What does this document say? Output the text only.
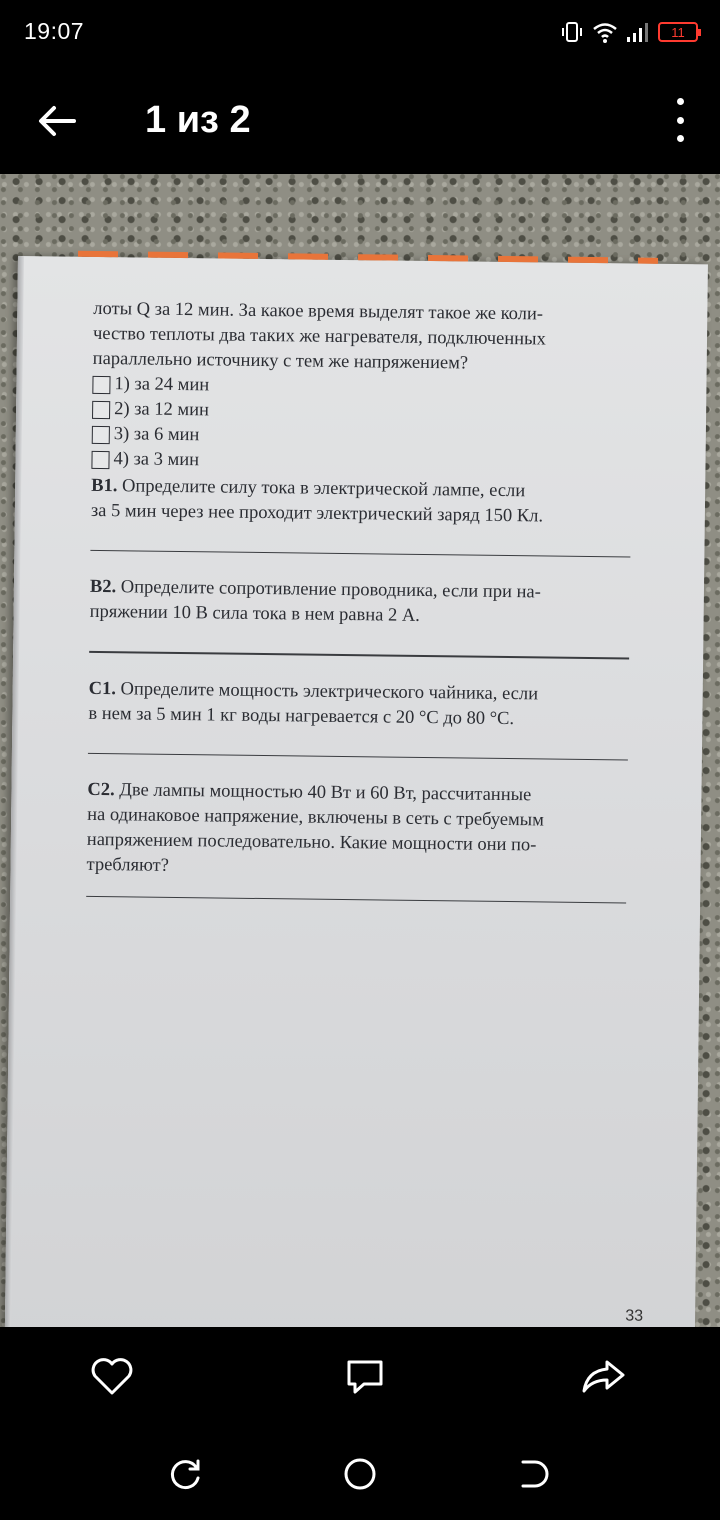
19:07	11
1 из 2

лоты Q за 12 мин. За какое время выделят такое же коли-

чество теплоты два таких же нагревателя, подключенных

параллельно источнику с тем же напряжением?

1) за 24 мин
2) за 12 мин
3) за 6 мин
4) за 3 мин

B1. Определите силу тока в электрической лампе, если

за 5 мин через нее проходит электрический заряд 150 Кл.

B2. Определите сопротивление проводника, если при на-

пряжении 10 В сила тока в нем равна 2 А.

C1. Определите мощность электрического чайника, если

в нем за 5 мин 1 кг воды нагревается с 20 °С до 80 °С.

C2. Две лампы мощностью 40 Вт и 60 Вт, рассчитанные

на одинаковое напряжение, включены в сеть с требуемым

напряжением последовательно. Какие мощности они по-

требляют?

33
